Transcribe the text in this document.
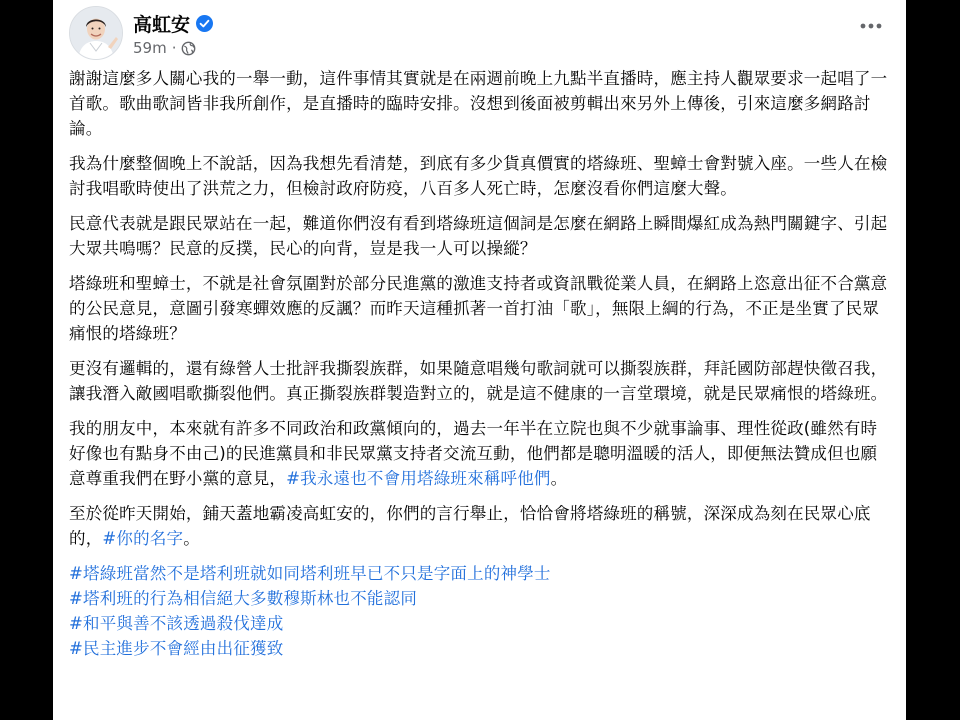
高虹安
59m ·

謝謝這麼多人關心我的一舉一動，這件事情其實就是在兩週前晚上九點半直播時，應主持人觀眾要求一起唱了一首歌。歌曲歌詞皆非我所創作，是直播時的臨時安排。沒想到後面被剪輯出來另外上傳後，引來這麼多網路討論。

我為什麼整個晚上不說話，因為我想先看清楚，到底有多少貨真價實的塔綠班、聖蟑士會對號入座。一些人在檢討我唱歌時使出了洪荒之力，但檢討政府防疫，八百多人死亡時，怎麼沒看你們這麼大聲。

民意代表就是跟民眾站在一起，難道你們沒有看到塔綠班這個詞是怎麼在網路上瞬間爆紅成為熱門關鍵字、引起大眾共鳴嗎？民意的反撲，民心的向背，豈是我一人可以操縱？

塔綠班和聖蟑士，不就是社會氛圍對於部分民進黨的激進支持者或資訊戰從業人員，在網路上恣意出征不合黨意的公民意見，意圖引發寒蟬效應的反諷？而昨天這種抓著一首打油「歌」，無限上綱的行為，不正是坐實了民眾痛恨的塔綠班？

更沒有邏輯的，還有綠營人士批評我撕裂族群，如果隨意唱幾句歌詞就可以撕裂族群，拜託國防部趕快徵召我，讓我潛入敵國唱歌撕裂他們。真正撕裂族群製造對立的，就是這不健康的一言堂環境，就是民眾痛恨的塔綠班。

我的朋友中，本來就有許多不同政治和政黨傾向的，過去一年半在立院也與不少就事論事、理性從政(雖然有時好像也有點身不由己)的民進黨員和非民眾黨支持者交流互動，他們都是聰明溫暖的活人，即便無法贊成但也願意尊重我們在野小黨的意見，#我永遠也不會用塔綠班來稱呼他們。

至於從昨天開始，鋪天蓋地霸凌高虹安的，你們的言行舉止，恰恰會將塔綠班的稱號，深深成為刻在民眾心底的，#你的名字。

#塔綠班當然不是塔利班就如同塔利班早已不只是字面上的神學士

#塔利班的行為相信絕大多數穆斯林也不能認同

#和平與善不該透過殺伐達成

#民主進步不會經由出征獲致
